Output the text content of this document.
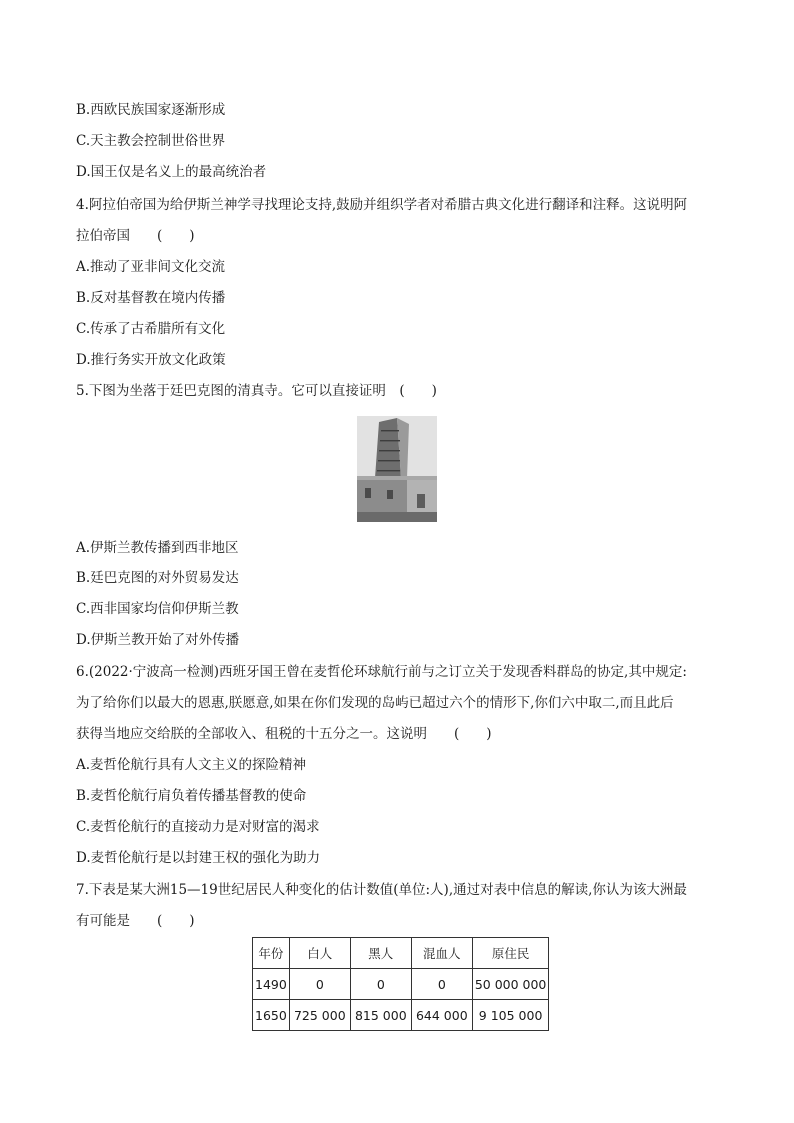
B.西欧民族国家逐渐形成
C.天主教会控制世俗世界
D.国王仅是名义上的最高统治者
4.阿拉伯帝国为给伊斯兰神学寻找理论支持,鼓励并组织学者对希腊古典文化进行翻译和注释。这说明阿
拉伯帝国　　(　　)
A.推动了亚非间文化交流
B.反对基督教在境内传播
C.传承了古希腊所有文化
D.推行务实开放文化政策
5.下图为坐落于廷巴克图的清真寺。它可以直接证明　(　　)
A.伊斯兰教传播到西非地区
B.廷巴克图的对外贸易发达
C.西非国家均信仰伊斯兰教
D.伊斯兰教开始了对外传播
6.(2022·宁波高一检测)西班牙国王曾在麦哲伦环球航行前与之订立关于发现香料群岛的协定,其中规定:
为了给你们以最大的恩惠,朕愿意,如果在你们发现的岛屿已超过六个的情形下,你们六中取二,而且此后
获得当地应交给朕的全部收入、租税的十五分之一。这说明　　(　　)
A.麦哲伦航行具有人文主义的探险精神
B.麦哲伦航行肩负着传播基督教的使命
C.麦哲伦航行的直接动力是对财富的渴求
D.麦哲伦航行是以封建王权的强化为助力
7.下表是某大洲15—19世纪居民人种变化的估计数值(单位:人),通过对表中信息的解读,你认为该大洲最
有可能是　　(　　)
年份	白人	黑人	混血人	原住民
1490	0	0	0	50 000 000
1650	725 000	815 000	644 000	9 105 000
